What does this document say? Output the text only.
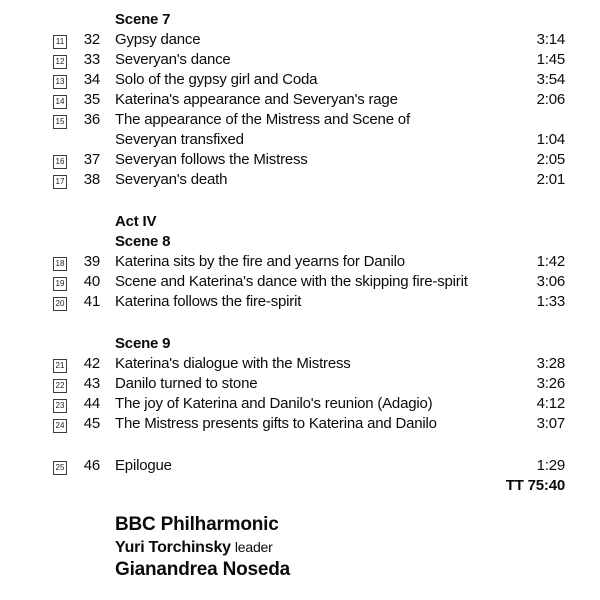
Scene 7
11	32	Gypsy dance	3:14
12	33	Severyan's dance	1:45
13	34	Solo of the gypsy girl and Coda	3:54
14	35	Katerina's appearance and Severyan's rage	2:06
15	36	The appearance of the Mistress and Scene of
Severyan transfixed	1:04
16	37	Severyan follows the Mistress	2:05
17	38	Severyan's death	2:01
Act IV
Scene 8
18	39	Katerina sits by the fire and yearns for Danilo	1:42
19	40	Scene and Katerina's dance with the skipping fire-spirit	3:06
20	41	Katerina follows the fire-spirit	1:33
Scene 9
21	42	Katerina's dialogue with the Mistress	3:28
22	43	Danilo turned to stone	3:26
23	44	The joy of Katerina and Danilo's reunion (Adagio)	4:12
24	45	The Mistress presents gifts to Katerina and Danilo	3:07
25	46	Epilogue	1:29
TT 75:40
BBC Philharmonic
Yuri Torchinsky leader
Gianandrea Noseda
